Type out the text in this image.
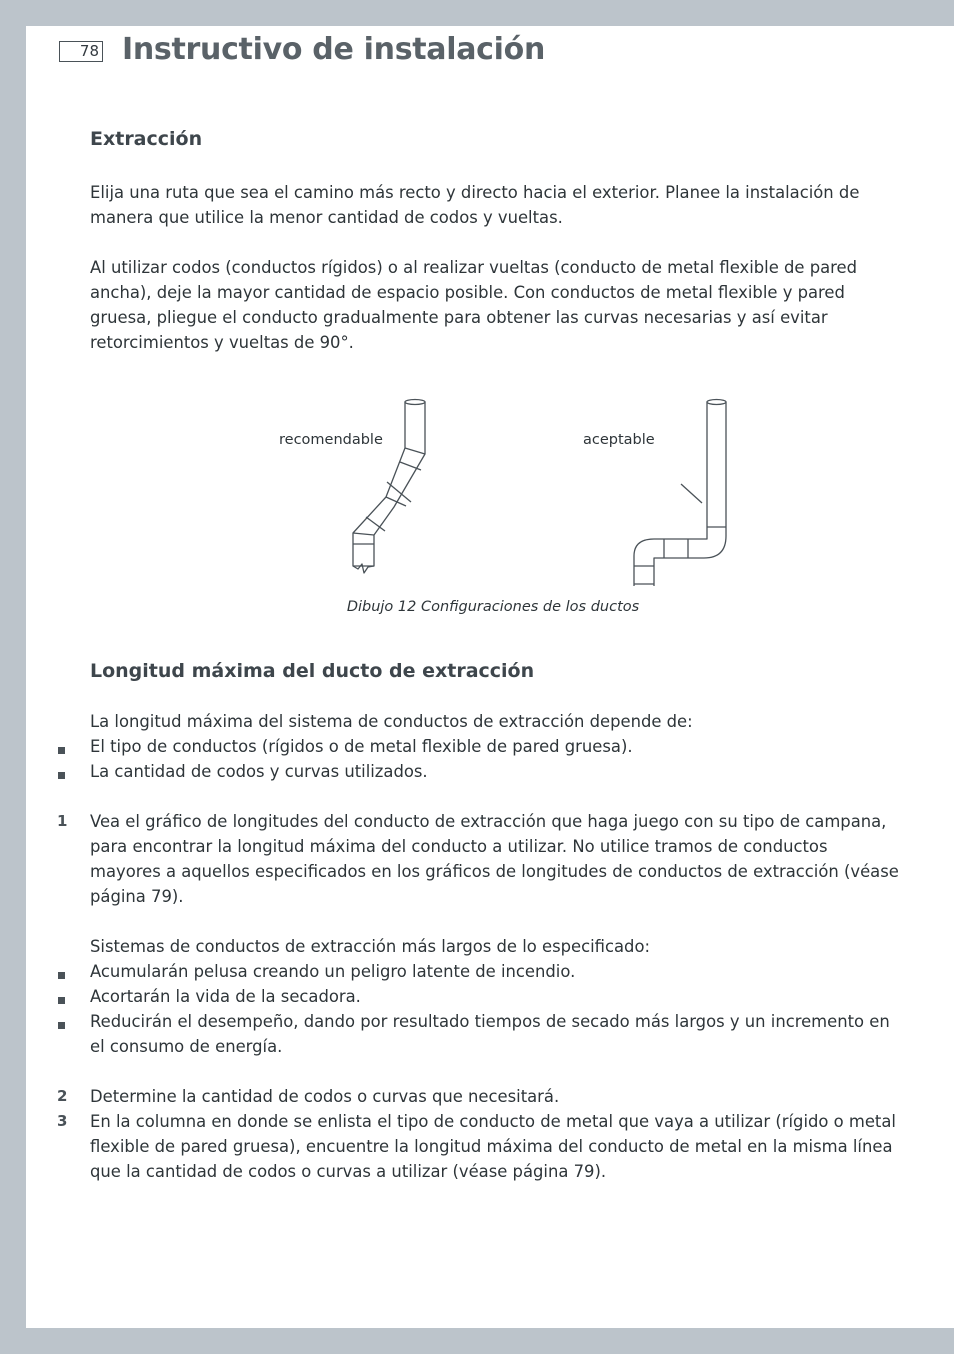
78 Instructivo de instalación
Extracción

Elija una ruta que sea el camino más recto y directo hacia el exterior. Planee la instalación de manera que utilice la menor cantidad de codos y vueltas.

Al utilizar codos (conductos rígidos) o al realizar vueltas (conducto de metal flexible de pared ancha), deje la mayor cantidad de espacio posible. Con conductos de metal flexible y pared gruesa, pliegue el conducto gradualmente para obtener las curvas necesarias y así evitar retorcimientos y vueltas de 90°.

recomendable	aceptable
Dibujo 12 Configuraciones de los ductos
Longitud máxima del ducto de extracción

La longitud máxima del sistema de conductos de extracción depende de:

El tipo de conductos (rígidos o de metal flexible de pared gruesa).

La cantidad de codos y curvas utilizados.

1 Vea el gráfico de longitudes del conducto de extracción que haga juego con su tipo de campana, para encontrar la longitud máxima del conducto a utilizar. No utilice tramos de conductos mayores a aquellos especificados en los gráficos de longitudes de conductos de extracción (véase página 79).

Sistemas de conductos de extracción más largos de lo especificado:

Acumularán pelusa creando un peligro latente de incendio.

Acortarán la vida de la secadora.

Reducirán el desempeño, dando por resultado tiempos de secado más largos y un incremento en el consumo de energía.

2 Determine la cantidad de codos o curvas que necesitará.

3 En la columna en donde se enlista el tipo de conducto de metal que vaya a utilizar (rígido o metal flexible de pared gruesa), encuentre la longitud máxima del conducto de metal en la misma línea que la cantidad de codos o curvas a utilizar (véase página 79).
